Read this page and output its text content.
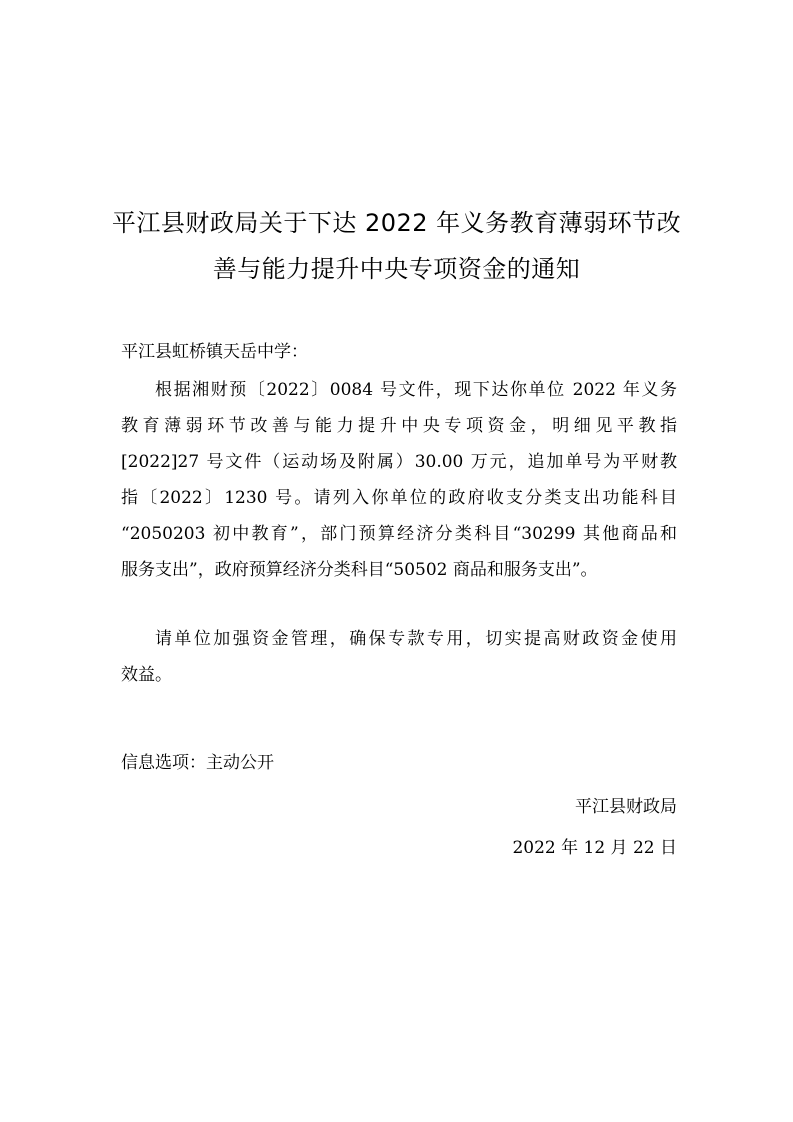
平江县财政局关于下达 2022 年义务教育薄弱环节改
善与能力提升中央专项资金的通知
平江县虹桥镇天岳中学：
根据湘财预〔2022〕0084 号文件，现下达你单位 2022 年义务
教育薄弱环节改善与能力提升中央专项资金，明细见平教指
[2022]27 号文件（运动场及附属）30.00 万元，追加单号为平财教
指〔2022〕1230 号。请列入你单位的政府收支分类支出功能科目
“2050203 初中教育”，部门预算经济分类科目“30299 其他商品和
服务支出”，政府预算经济分类科目“50502 商品和服务支出”。
请单位加强资金管理，确保专款专用，切实提高财政资金使用
效益。
信息选项：主动公开
平江县财政局
2022 年 12 月 22 日
